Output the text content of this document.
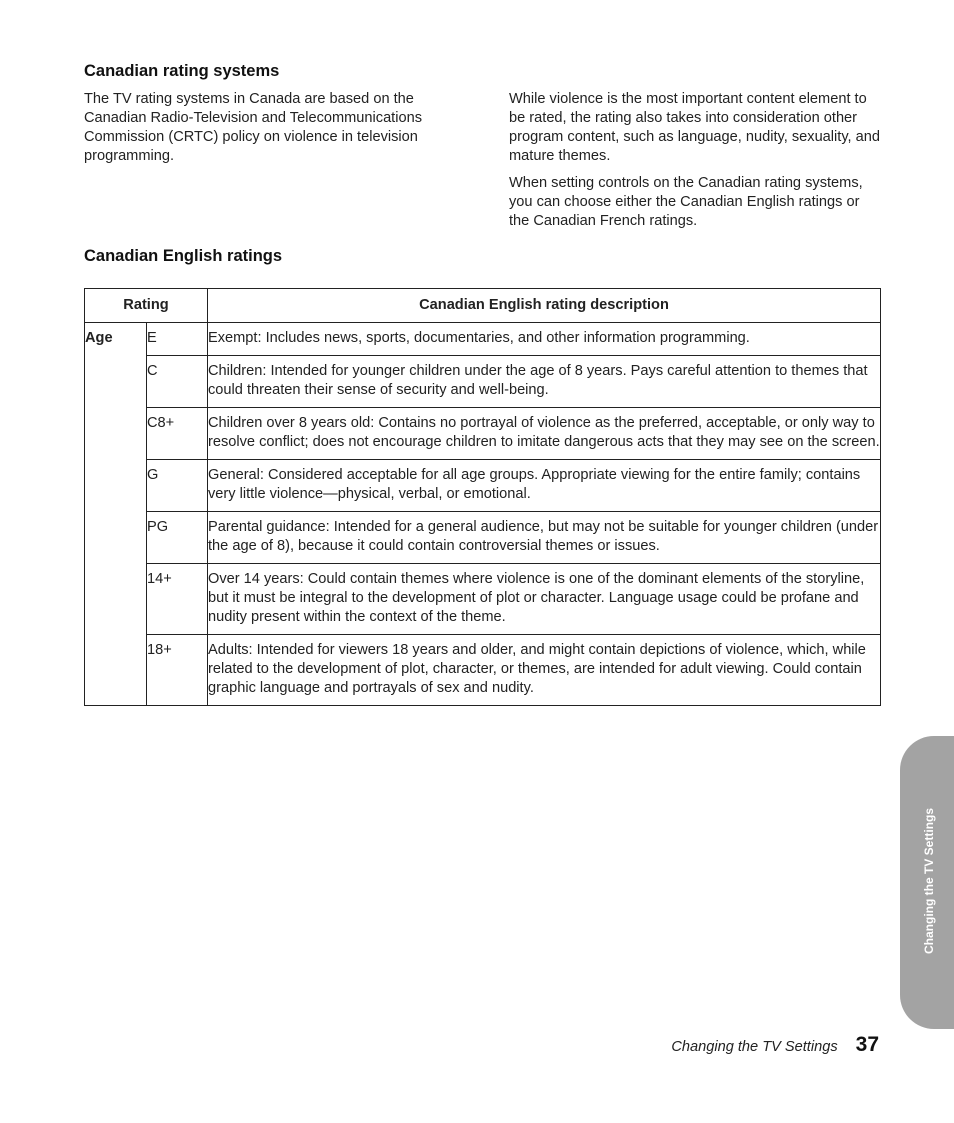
Canadian rating systems

The TV rating systems in Canada are based on the Canadian Radio-Television and Telecommunications Commission (CRTC) policy on violence in television programming.

While violence is the most important content element to be rated, the rating also takes into consideration other program content, such as language, nudity, sexuality, and mature themes.

When setting controls on the Canadian rating systems, you can choose either the Canadian English ratings or the Canadian French ratings.

Canadian English ratings
Rating		Canadian English rating description
Age	E	Exempt: Includes news, sports, documentaries, and other information programming.
	C	Children: Intended for younger children under the age of 8 years. Pays careful attention to themes that could threaten their sense of security and well-being.
	C8+	Children over 8 years old: Contains no portrayal of violence as the preferred, acceptable, or only way to resolve conflict; does not encourage children to imitate dangerous acts that they may see on the screen.
	G	General: Considered acceptable for all age groups. Appropriate viewing for the entire family; contains very little violence—physical, verbal, or emotional.
	PG	Parental guidance: Intended for a general audience, but may not be suitable for younger children (under the age of 8), because it could contain controversial themes or issues.
	14+	Over 14 years: Could contain themes where violence is one of the dominant elements of the storyline, but it must be integral to the development of plot or character. Language usage could be profane and nudity present within the context of the theme.
	18+	Adults: Intended for viewers 18 years and older, and might contain depictions of violence, which, while related to the development of plot, character, or themes, are intended for adult viewing. Could contain graphic language and portrayals of sex and nudity.
Changing the TV Settings
Changing the TV Settings 37
